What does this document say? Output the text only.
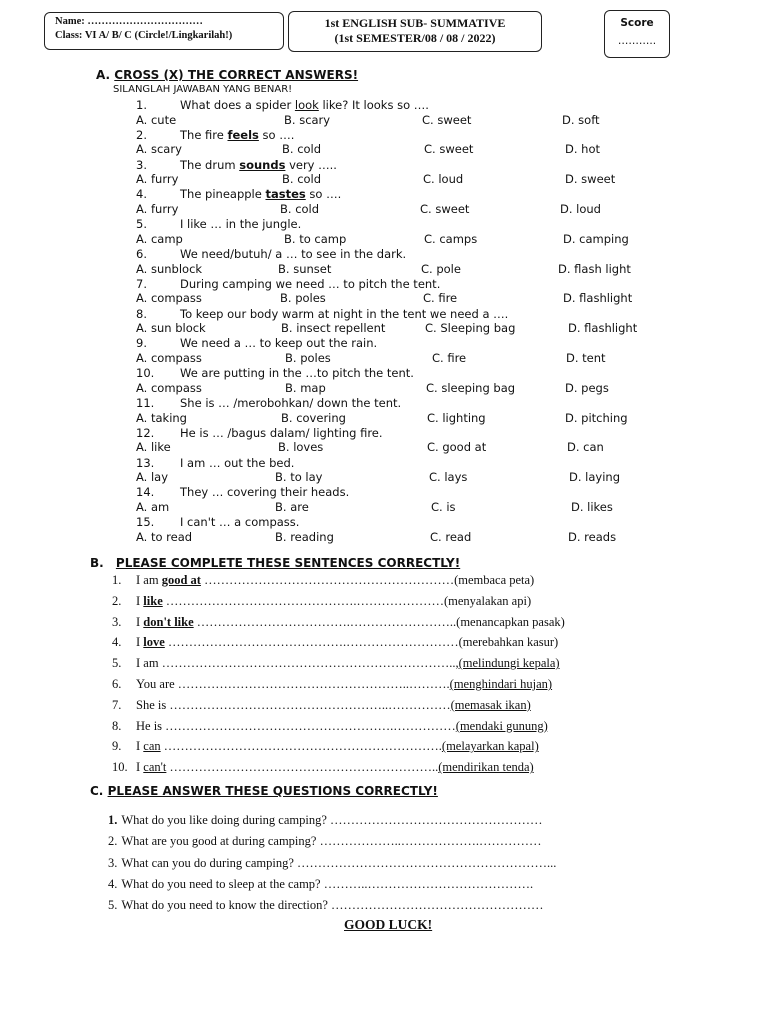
Name: ……………………………
Class: VI A/ B/ C (Circle!/Lingkarilah!)
1st ENGLISH SUB- SUMMATIVE
(1st SEMESTER/08 / 08 / 2022)
Score
………..
A. CROSS (X) THE CORRECT ANSWERS!
SILANGLAH JAWABAN YANG BENAR!
1.	What does a spider look like? It looks so ….
A. cute	B. scary	C. sweet	D. soft
2.	The fire feels so ….
A. scary	B. cold	C. sweet	D. hot
3.	The drum sounds very …..
A. furry	B. cold	C. loud	D. sweet
4.	The pineapple tastes so ….
A. furry	B. cold	C. sweet	D. loud
5.	I like … in the jungle.
A. camp	B. to camp	C. camps	D. camping
6.	We need/butuh/ a … to see in the dark.
A. sunblock	B. sunset	C. pole	D. flash light
7.	During camping we need … to pitch the tent.
A. compass	B. poles	C. fire	D. flashlight
8.	To keep our body warm at night in the tent we need a ….
A. sun block	B. insect repellent	C. Sleeping bag	D. flashlight
9.	We need a … to keep out the rain.
A. compass	B. poles	C. fire	D. tent
10. We are putting in the …to pitch the tent.
A. compass	B. map	C. sleeping bag	D. pegs
11. She is … /merobohkan/ down the tent.
A. taking	B. covering	C. lighting	D. pitching
12. He is … /bagus dalam/ lighting fire.
A. like	B. loves	C. good at	D. can
13. I am … out the bed.
A. lay	B. to lay	C. lays	D. laying
14. They … covering their heads.
A. am	B. are	C. is	D. likes
15. I can't … a compass.
A. to read	B. reading	C. read	D. reads
B. PLEASE COMPLETE THESE SENTENCES CORRECTLY!
1. I am good at ……………………………………………………(membaca peta)
2. I like ……………………………………….…………………(menyalakan api)
3. I don't like ……………………………….……………………..(menancapkan pasak)
4. I love …………………………………….………………………(merebahkan kasur)
5. I am ……………………………………………………………..,(melindungi kepala)
6. You are ………………………………………………..……….(menghindari hujan)
7. She is ……………………………………………..……………(memasak ikan)
8. He is ……………………………………………….……………(mendaki gunung)
9. I can ………………………………………………………….(melayarkan kapal)
10. I can't ………………………………………………………..(mendirikan tenda)
C. PLEASE ANSWER THESE QUESTIONS CORRECTLY!
1. What do you like doing during camping? ……………………………………………
2. What are you good at during camping? ………………..……………….……………
3. What can you do during camping? ……………………………………………………...
4. What do you need to sleep at the camp? ………..………………………………….
5. What do you need to know the direction? ……………………………………………
GOOD LUCK!
